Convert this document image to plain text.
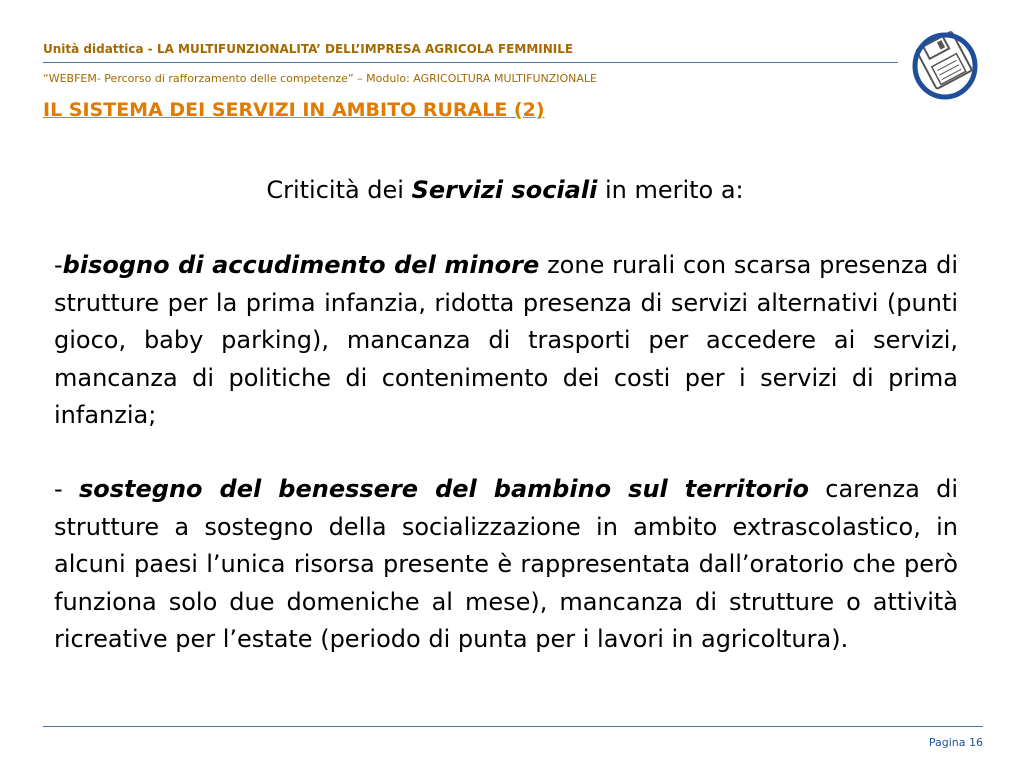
Unità didattica - LA MULTIFUNZIONALITA’ DELL’IMPRESA AGRICOLA FEMMINILE
“WEBFEM- Percorso di rafforzamento delle competenze” – Modulo: AGRICOLTURA MULTIFUNZIONALE
IL SISTEMA DEI SERVIZI IN AMBITO RURALE (2)
Criticità dei Servizi sociali in merito a:
-bisogno di accudimento del minore zone rurali con scarsa presenza di strutture per la prima infanzia, ridotta presenza di servizi alternativi (punti gioco, baby parking), mancanza di trasporti per accedere ai servizi, mancanza di politiche di contenimento dei costi per i servizi di prima infanzia;
- sostegno del benessere del bambino sul territorio carenza di strutture a sostegno della socializzazione in ambito extrascolastico, in alcuni paesi l’unica risorsa presente è rappresentata dall’oratorio che però funziona solo due domeniche al mese), mancanza di strutture o attività ricreative per l’estate (periodo di punta per i lavori in agricoltura).
Pagina 16
